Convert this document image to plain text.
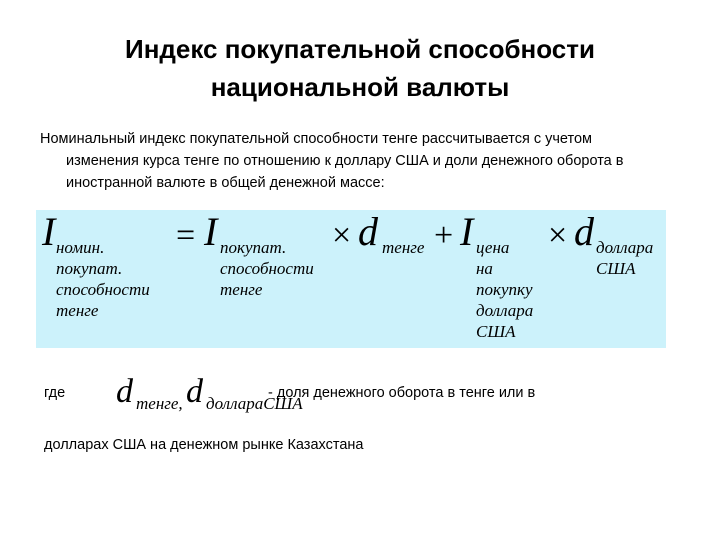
Индекс покупательной способности
национальной валюты
Номинальный индекс покупательной способности тенге рассчитывается с учетом
изменения курса тенге по отношению к доллару США и доли денежного оборота в
иностранной валюте в общей денежной массе:
I номин.
покупат.
способности
тенге
= I покупат.
способности
тенге
× d тенге + I цена
на
покупку
доллара
США
× d доллара
США
где d тенге, d доллараСША
- доля денежного оборота в тенге или в
долларах США на денежном рынке Казахстана
